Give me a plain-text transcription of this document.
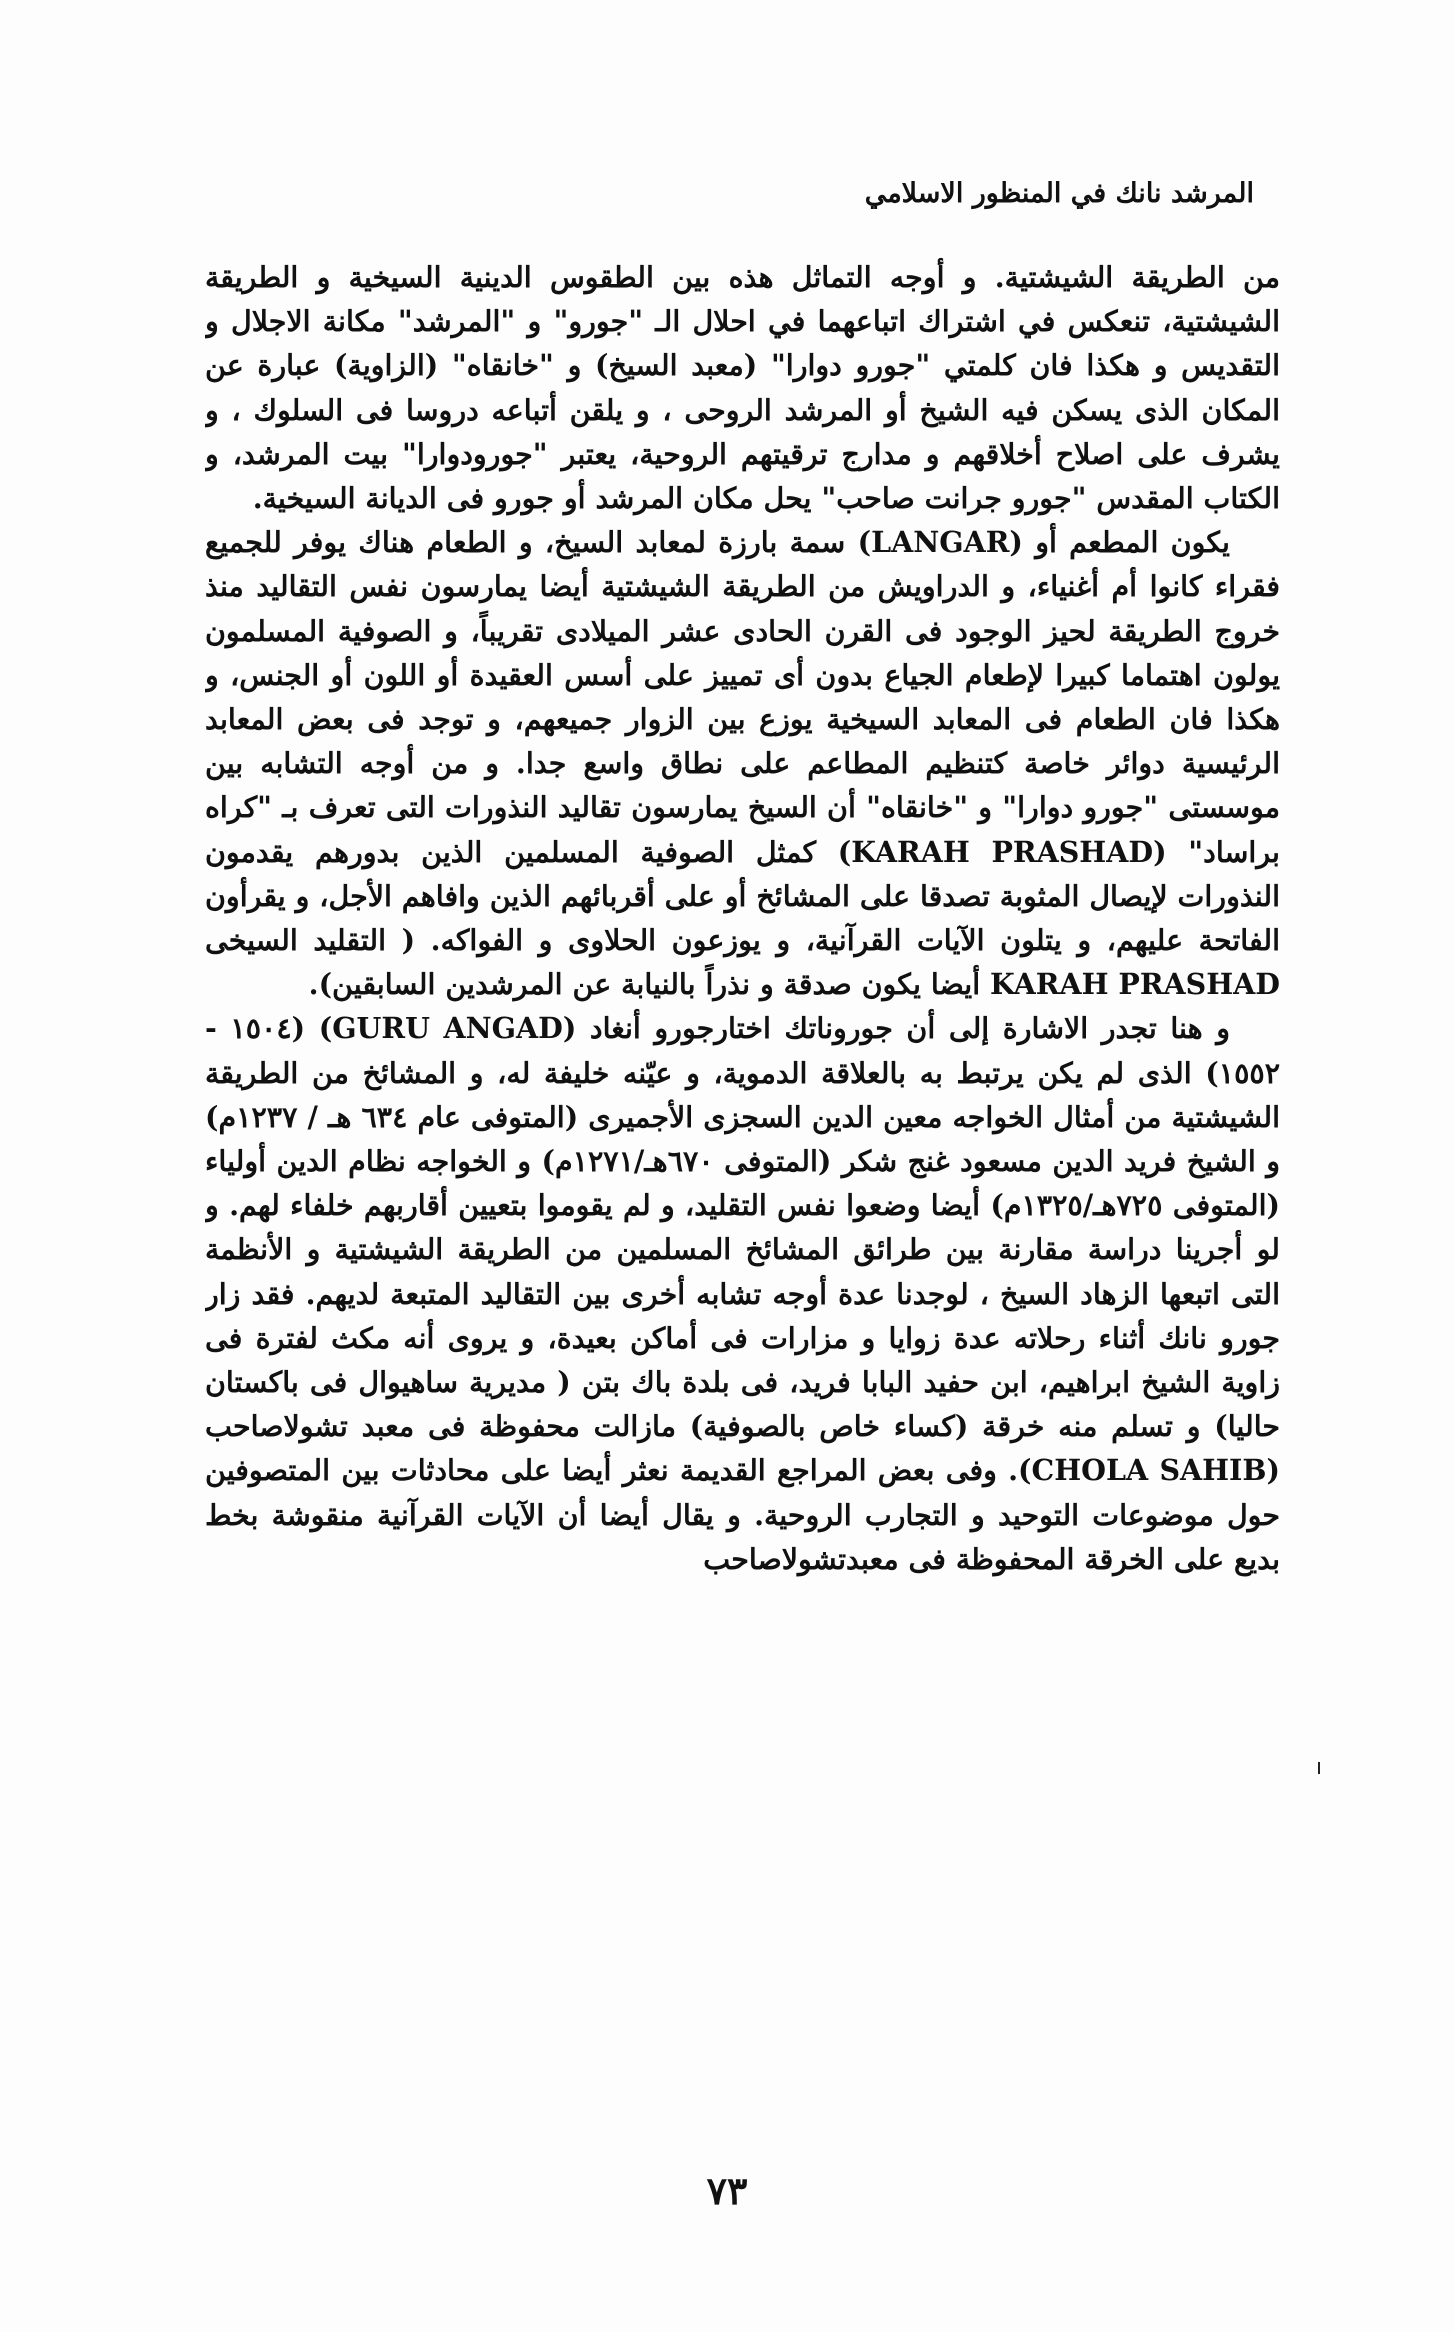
المرشد نانك في المنظور الاسلامي

من الطريقة الشيشتية. و أوجه التماثل هذه بين الطقوس الدينية السيخية و الطريقة الشيشتية، تنعكس في اشتراك اتباعهما في احلال الـ "جورو" و "المرشد" مكانة الاجلال و التقديس و هكذا فان كلمتي "جورو دوارا" (معبد السيخ) و "خانقاه" (الزاوية) عبارة عن المكان الذى يسكن فيه الشيخ أو المرشد الروحى ، و يلقن أتباعه دروسا فى السلوك ، و يشرف على اصلاح أخلاقهم و مدارج ترقيتهم الروحية، يعتبر "جورودوارا" بيت المرشد، و الكتاب المقدس "جورو جرانت صاحب" يحل مكان المرشد أو جورو فى الديانة السيخية.

يكون المطعم أو (LANGAR) سمة بارزة لمعابد السيخ، و الطعام هناك يوفر للجميع فقراء كانوا أم أغنياء، و الدراويش من الطريقة الشيشتية أيضا يمارسون نفس التقاليد منذ خروج الطريقة لحيز الوجود فى القرن الحادى عشر الميلادى تقريباً، و الصوفية المسلمون يولون اهتماما كبيرا لإطعام الجياع بدون أى تمييز على أسس العقيدة أو اللون أو الجنس، و هكذا فان الطعام فى المعابد السيخية يوزع بين الزوار جميعهم، و توجد فى بعض المعابد الرئيسية دوائر خاصة كتنظيم المطاعم على نطاق واسع جدا. و من أوجه التشابه بين موسستى "جورو دوارا" و "خانقاه" أن السيخ يمارسون تقاليد النذورات التى تعرف بـ "كراه براساد" (KARAH PRASHAD) كمثل الصوفية المسلمين الذين بدورهم يقدمون النذورات لإيصال المثوبة تصدقا على المشائخ أو على أقربائهم الذين وافاهم الأجل، و يقرأون الفاتحة عليهم، و يتلون الآيات القرآنية، و يوزعون الحلاوى و الفواكه. ( التقليد السيخى KARAH PRASHAD أيضا يكون صدقة و نذراً بالنيابة عن المرشدين السابقين).

و هنا تجدر الاشارة إلى أن جوروناتك اختارجورو أنغاد (GURU ANGAD) (١٥٠٤ - ١٥٥٢) الذى لم يكن يرتبط به بالعلاقة الدموية، و عيّنه خليفة له، و المشائخ من الطريقة الشيشتية من أمثال الخواجه معين الدين السجزى الأجميرى (المتوفى عام ٦٣٤ هـ / ١٢٣٧م) و الشيخ فريد الدين مسعود غنج شكر (المتوفى ٦٧٠هـ/١٢٧١م) و الخواجه نظام الدين أولياء (المتوفى ٧٢٥هـ/١٣٢٥م) أيضا وضعوا نفس التقليد، و لم يقوموا بتعيين أقاربهم خلفاء لهم. و لو أجرينا دراسة مقارنة بين طرائق المشائخ المسلمين من الطريقة الشيشتية و الأنظمة التى اتبعها الزهاد السيخ ، لوجدنا عدة أوجه تشابه أخرى بين التقاليد المتبعة لديهم. فقد زار جورو نانك أثناء رحلاته عدة زوايا و مزارات فى أماكن بعيدة، و يروى أنه مكث لفترة فى زاوية الشيخ ابراهيم، ابن حفيد البابا فريد، فى بلدة باك بتن ( مديرية ساهيوال فى باكستان حاليا) و تسلم منه خرقة (كساء خاص بالصوفية) مازالت محفوظة فى معبد تشولاصاحب (CHOLA SAHIB). وفى بعض المراجع القديمة نعثر أيضا على محادثات بين المتصوفين حول موضوعات التوحيد و التجارب الروحية. و يقال أيضا أن الآيات القرآنية منقوشة بخط بديع على الخرقة المحفوظة فى معبدتشولاصاحب

٧٣
